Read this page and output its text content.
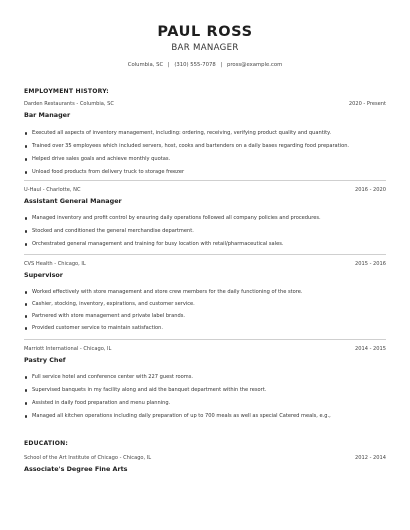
PAUL ROSS
BAR MANAGER
Columbia, SC | (310) 555-7078 | pross@example.com
EMPLOYMENT HISTORY:
Darden Restaurants - Columbia, SC	2020 - Present
Bar Manager
Executed all aspects of inventory management, including: ordering, receiving, verifying product quality and quantity.
Trained over 35 employees which included servers, host, cooks and bartenders on a daily bases regarding food preparation.
Helped drive sales goals and achieve monthly quotas.
Unload food products from delivery truck to storage freezer
U-Haul - Charlotte, NC	2016 - 2020
Assistant General Manager
Managed inventory and profit control by ensuring daily operations followed all company policies and procedures.
Stocked and conditioned the general merchandise department.
Orchestrated general management and training for busy location with retail/pharmaceutical sales.
CVS Health - Chicago, IL	2015 - 2016
Supervisor
Worked effectively with store management and store crew members for the daily functioning of the store.
Cashier, stocking, inventory, expirations, and customer service.
Partnered with store management and private label brands.
Provided customer service to maintain satisfaction.
Marriott International - Chicago, IL	2014 - 2015
Pastry Chef
Full service hotel and conference center with 227 guest rooms.
Supervised banquets in my facility along and aid the banquet department within the resort.
Assisted in daily food preparation and menu planning.
Managed all kitchen operations including daily preparation of up to 700 meals as well as special Catered meals, e.g.,
EDUCATION:
School of the Art Institute of Chicago - Chicago, IL	2012 - 2014
Associate's Degree Fine Arts
